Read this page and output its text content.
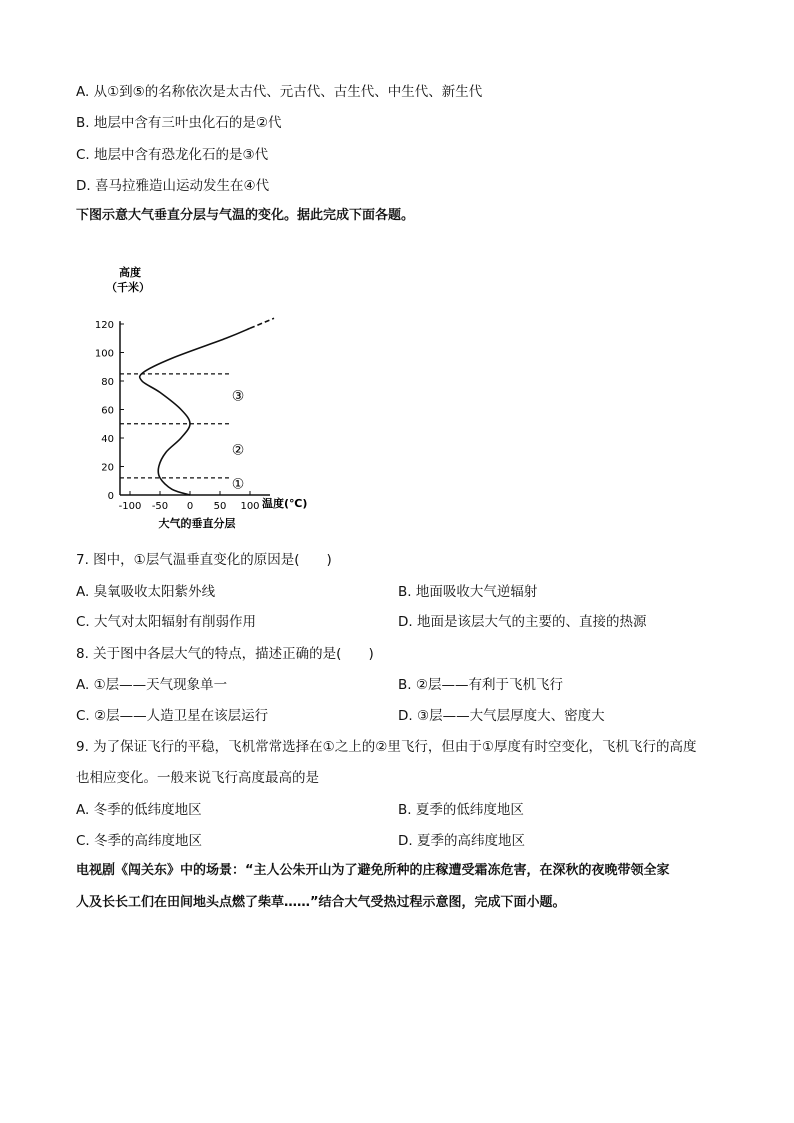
A. 从①到⑤的名称依次是太古代、元古代、古生代、中生代、新生代
B. 地层中含有三叶虫化石的是②代
C. 地层中含有恐龙化石的是③代
D. 喜马拉雅造山运动发生在④代
下图示意大气垂直分层与气温的变化。据此完成下面各题。
120
100
80
60
40
20
0
-100 -50 0 50 100
①
②
③
高度
（千米）
温度(℃)
大气的垂直分层
7. 图中，①层气温垂直变化的原因是(　　)
A. 臭氧吸收太阳紫外线	B. 地面吸收大气逆辐射
C. 大气对太阳辐射有削弱作用	D. 地面是该层大气的主要的、直接的热源
8. 关于图中各层大气的特点，描述正确的是(　　)
A. ①层——天气现象单一	B. ②层——有利于飞机飞行
C. ②层——人造卫星在该层运行	D. ③层——大气层厚度大、密度大
9. 为了保证飞行的平稳，飞机常常选择在①之上的②里飞行，但由于①厚度有时空变化，飞机飞行的高度
也相应变化。一般来说飞行高度最高的是
A. 冬季的低纬度地区	B. 夏季的低纬度地区
C. 冬季的高纬度地区	D. 夏季的高纬度地区
电视剧《闯关东》中的场景：“主人公朱开山为了避免所种的庄稼遭受霜冻危害，在深秋的夜晚带领全家
人及长长工们在田间地头点燃了柴草……”结合大气受热过程示意图，完成下面小题。
